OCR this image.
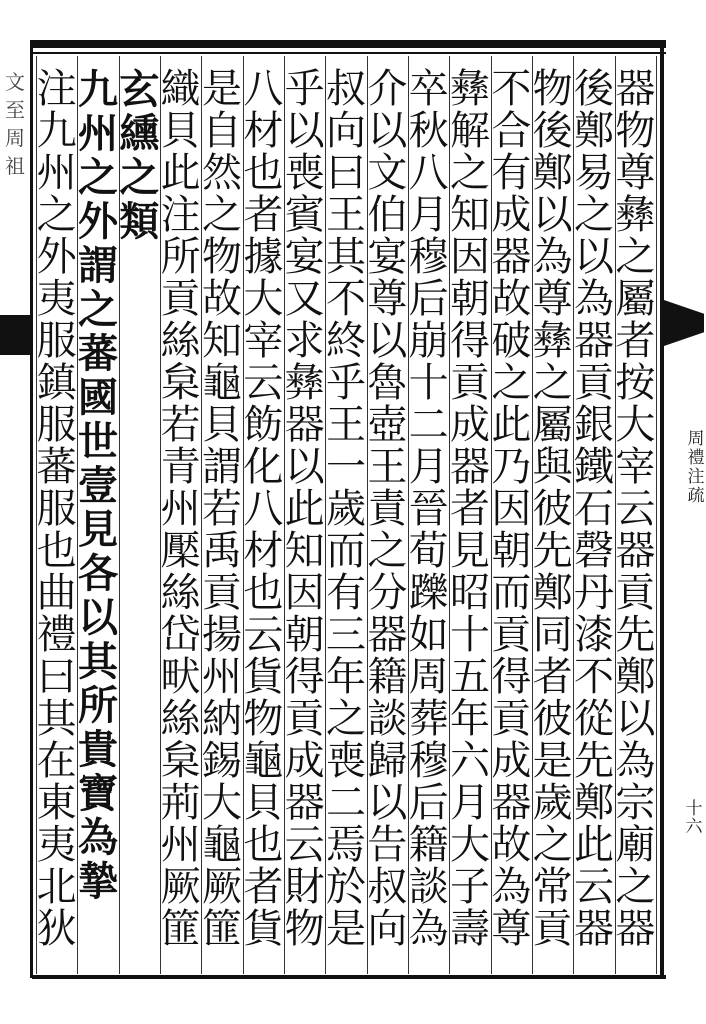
文
至
周
祖
周
禮
注
疏
十
六
器
物
尊
彝
之
屬
者
按
大
宰
云
器
貢
先
鄭
以
為
宗
廟
之
器
後
鄭
易
之
以
為
器
貢
銀
鐵
石
磬
丹
漆
不
從
先
鄭
此
云
器
物
後
鄭
以
為
尊
彝
之
屬
與
彼
先
鄭
同
者
彼
是
歲
之
常
貢
不
合
有
成
器
故
破
之
此
乃
因
朝
而
貢
得
貢
成
器
故
為
尊
彝
解
之
知
因
朝
得
貢
成
器
者
見
昭
十
五
年
六
月
大
子
壽
卒
秋
八
月
穆
后
崩
十
二
月
晉
荀
躒
如
周
葬
穆
后
籍
談
為
介
以
文
伯
宴
尊
以
魯
壺
王
責
之
分
器
籍
談
歸
以
告
叔
向
叔
向
曰
王
其
不
終
乎
王
一
歲
而
有
三
年
之
喪
二
焉
於
是
乎
以
喪
賓
宴
又
求
彝
器
以
此
知
因
朝
得
貢
成
器
云
財
物
八
材
也
者
據
大
宰
云
飭
化
八
材
也
云
貨
物
龜
貝
也
者
貨
是
自
然
之
物
故
知
龜
貝
謂
若
禹
貢
揚
州
納
錫
大
龜
厥
篚
織
貝
此
注
所
貢
絲
枲
若
青
州
檿
絲
岱
畎
絲
枲
荊
州
厥
篚
玄
纁
之
類
九
州
之
外
謂
之
蕃
國
世
壹
見
各
以
其
所
貴
寶
為
摯
注
九
州
之
外
夷
服
鎮
服
蕃
服
也
曲
禮
曰
其
在
東
夷
北
狄
